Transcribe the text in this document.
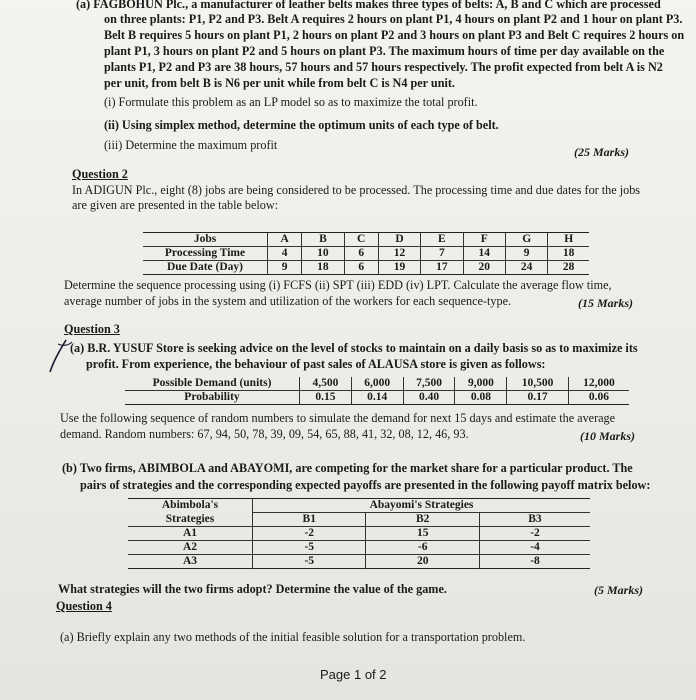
(a) FAGBOHUN Plc., a manufacturer of leather belts makes three types of belts: A, B and C which are processed

on three plants: P1, P2 and P3. Belt A requires 2 hours on plant P1, 4 hours on plant P2 and 1 hour on plant P3.

Belt B requires 5 hours on plant P1, 2 hours on plant P2 and 3 hours on plant P3 and Belt C requires 2 hours on

plant P1, 3 hours on plant P2 and 5 hours on plant P3. The maximum hours of time per day available on the

plants P1, P2 and P3 are 38 hours, 57 hours and 57 hours respectively. The profit expected from belt A is N2

per unit, from belt B is N6 per unit while from belt C is N4 per unit.

(i) Formulate this problem as an LP model so as to maximize the total profit.

(ii) Using simplex method, determine the optimum units of each type of belt.

(iii) Determine the maximum profit	(25 Marks)

Question 2

In ADIGUN Plc., eight (8) jobs are being considered to be processed. The processing time and due dates for the jobs

are given are presented in the table below:

Jobs	A	B	C	D	E	F	G	H
Processing Time	4	10	6	12	7	14	9	18
Due Date (Day)	9	18	6	19	17	20	24	28

Determine the sequence processing using (i) FCFS (ii) SPT (iii) EDD (iv) LPT. Calculate the average flow time,

average number of jobs in the system and utilization of the workers for each sequence-type.	(15 Marks)

Question 3

(a) B.R. YUSUF Store is seeking advice on the level of stocks to maintain on a daily basis so as to maximize its

profit. From experience, the behaviour of past sales of ALAUSA store is given as follows:

Possible Demand (units)	4,500	6,000	7,500	9,000	10,500	12,000
Probability	0.15	0.14	0.40	0.08	0.17	0.06

Use the following sequence of random numbers to simulate the demand for next 15 days and estimate the average

demand. Random numbers: 67, 94, 50, 78, 39, 09, 54, 65, 88, 41, 32, 08, 12, 46, 93.	(10 Marks)

(b) Two firms, ABIMBOLA and ABAYOMI, are competing for the market share for a particular product. The

pairs of strategies and the corresponding expected payoffs are presented in the following payoff matrix below:

Abimbola's	Abayomi's Strategies		
Strategies	B1	B2	B3
A1	-2	15	-2
A2	-5	-6	-4
A3	-5	20	-8

What strategies will the two firms adopt? Determine the value of the game.	(5 Marks)

Question 4

(a) Briefly explain any two methods of the initial feasible solution for a transportation problem.

Page 1 of 2
